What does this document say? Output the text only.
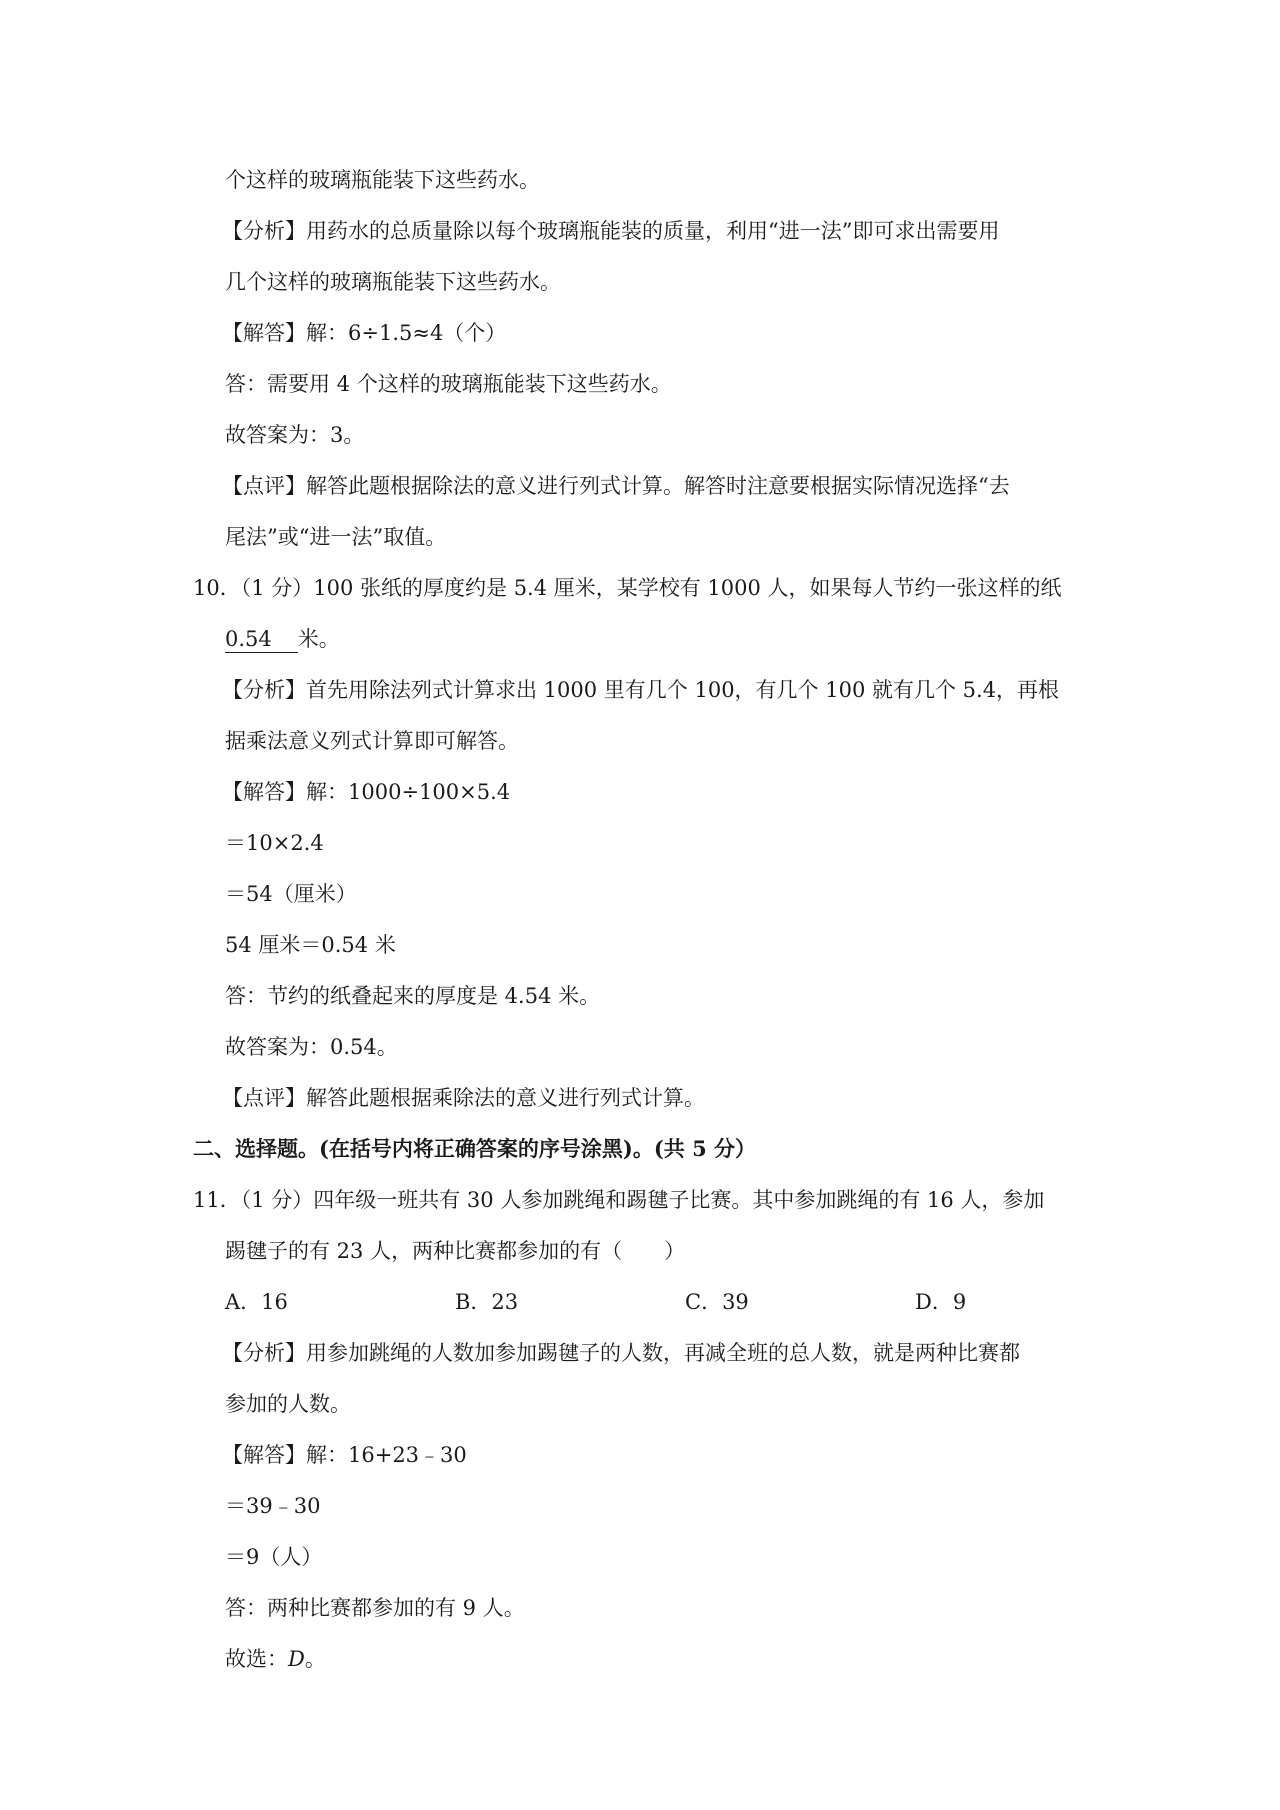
个这样的玻璃瓶能装下这些药水。
【分析】用药水的总质量除以每个玻璃瓶能装的质量，利用“进一法”即可求出需要用
几个这样的玻璃瓶能装下这些药水。
【解答】解：6÷1.5≈4（个）
答：需要用 4 个这样的玻璃瓶能装下这些药水。
故答案为：3。
【点评】解答此题根据除法的意义进行列式计算。解答时注意要根据实际情况选择“去
尾法”或“进一法”取值。
10．（1 分）100 张纸的厚度约是 5.4 厘米，某学校有 1000 人，如果每人节约一张这样的纸
0.54 米。
【分析】首先用除法列式计算求出 1000 里有几个 100，有几个 100 就有几个 5.4，再根
据乘法意义列式计算即可解答。
【解答】解：1000÷100×5.4
＝10×2.4
＝54（厘米）
54 厘米＝0.54 米
答：节约的纸叠起来的厚度是 4.54 米。
故答案为：0.54。
【点评】解答此题根据乘除法的意义进行列式计算。
二、选择题。(在括号内将正确答案的序号涂黑)。(共 5 分）
11．（1 分）四年级一班共有 30 人参加跳绳和踢毽子比赛。其中参加跳绳的有 16 人，参加
踢毽子的有 23 人，两种比赛都参加的有（　　）
A．16	B．23	C．39	D．9
【分析】用参加跳绳的人数加参加踢毽子的人数，再减全班的总人数，就是两种比赛都
参加的人数。
【解答】解：16+23﹣30
＝39﹣30
＝9（人）
答：两种比赛都参加的有 9 人。
故选：D。
